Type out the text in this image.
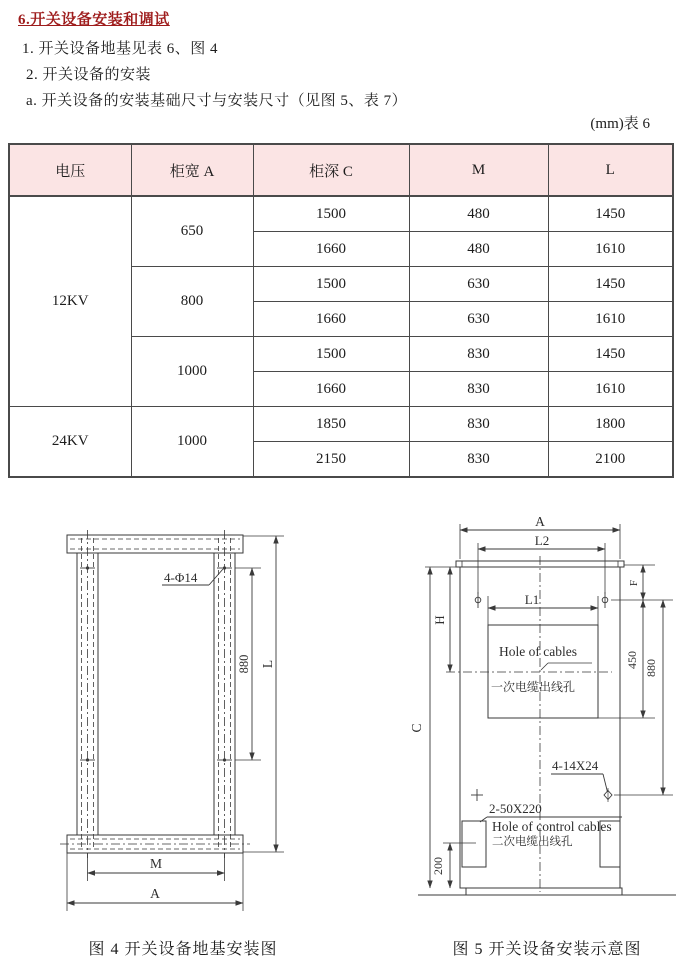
6.开关设备安装和调试
1. 开关设备地基见表 6、图 4
2. 开关设备的安装
a. 开关设备的安装基础尺寸与安装尺寸（见图 5、表 7）
(mm)表 6
电压	柜宽 A	柜深 C	M	L
12KV	650	1500	480	1450
		1660	480	1610
	800	1500	630	1450
		1660	630	1610
	1000	1500	830	1450
		1660	830	1610
24KV	1000	1850	830	1800
		2150	830	2100
4-Φ14
880 L
M
A
A
L2
L1
Hole of cables
一次电缆出线孔
H
C
F
450 880
4-14X24
2-50X220
Hole of control cables
二次电缆出线孔
200
图 4 开关设备地基安装图	图 5 开关设备安装示意图
